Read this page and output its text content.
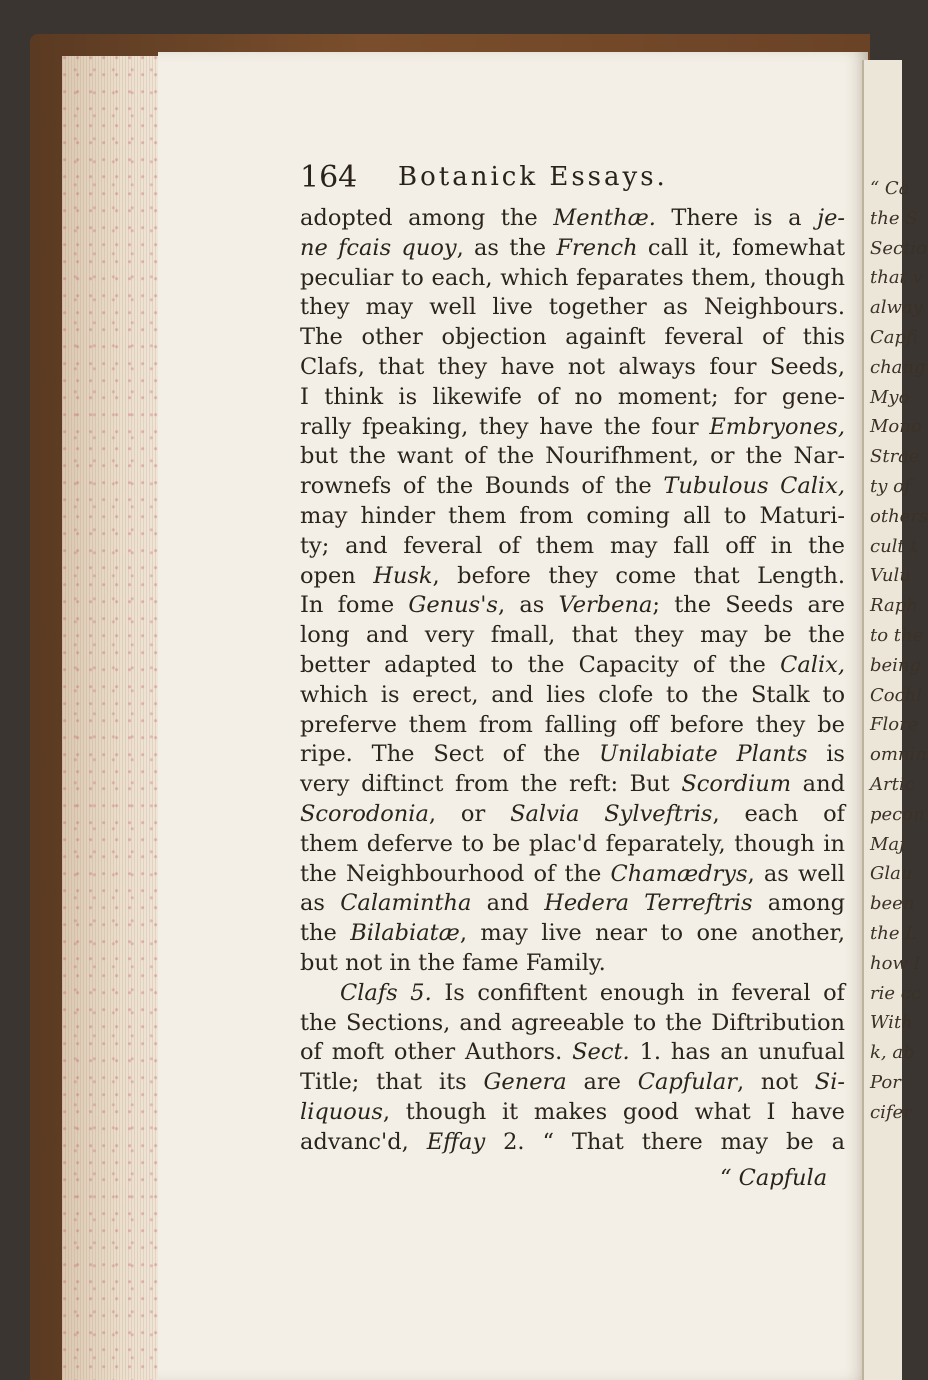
“ Ca
the S
Sectio
that v
alway
Capfi
chang
Myo
Mono
Strae
ty of
others
cult t
Vulu
Raph
to the
being
Cochl
Flore
omnin
Artic
pecon
Maj
Glau
been
the L
how I
rie cc
With
k, ab
Por
cifer
164 Botanick Essays.
adopted among the Menthæ. There is a je-
ne fcais quoy, as the French call it, fomewhat
peculiar to each, which feparates them, though
they may well live together as Neighbours.
The other objection againft feveral of this
Clafs, that they have not always four Seeds,
I think is likewife of no moment; for gene-
rally fpeaking, they have the four Embryones,
but the want of the Nourifhment, or the Nar-
rownefs of the Bounds of the Tubulous Calix,
may hinder them from coming all to Maturi-
ty; and feveral of them may fall off in the
open Husk, before they come that Length.
In fome Genus's, as Verbena; the Seeds are
long and very fmall, that they may be the
better adapted to the Capacity of the Calix,
which is erect, and lies clofe to the Stalk to
preferve them from falling off before they be
ripe. The Sect of the Unilabiate Plants is
very diftinct from the reft: But Scordium and
Scorodonia, or Salvia Sylveftris, each of
them deferve to be plac'd feparately, though in
the Neighbourhood of the Chamædrys, as well
as Calamintha and Hedera Terreftris among
the Bilabiatæ, may live near to one another,
but not in the fame Family.
Clafs 5. Is confiftent enough in feveral of
the Sections, and agreeable to the Diftribution
of moft other Authors. Sect. 1. has an unufual
Title; that its Genera are Capfular, not Si-
liquous, though it makes good what I have
advanc'd, Effay 2. “ That there may be a
“ Capfula
